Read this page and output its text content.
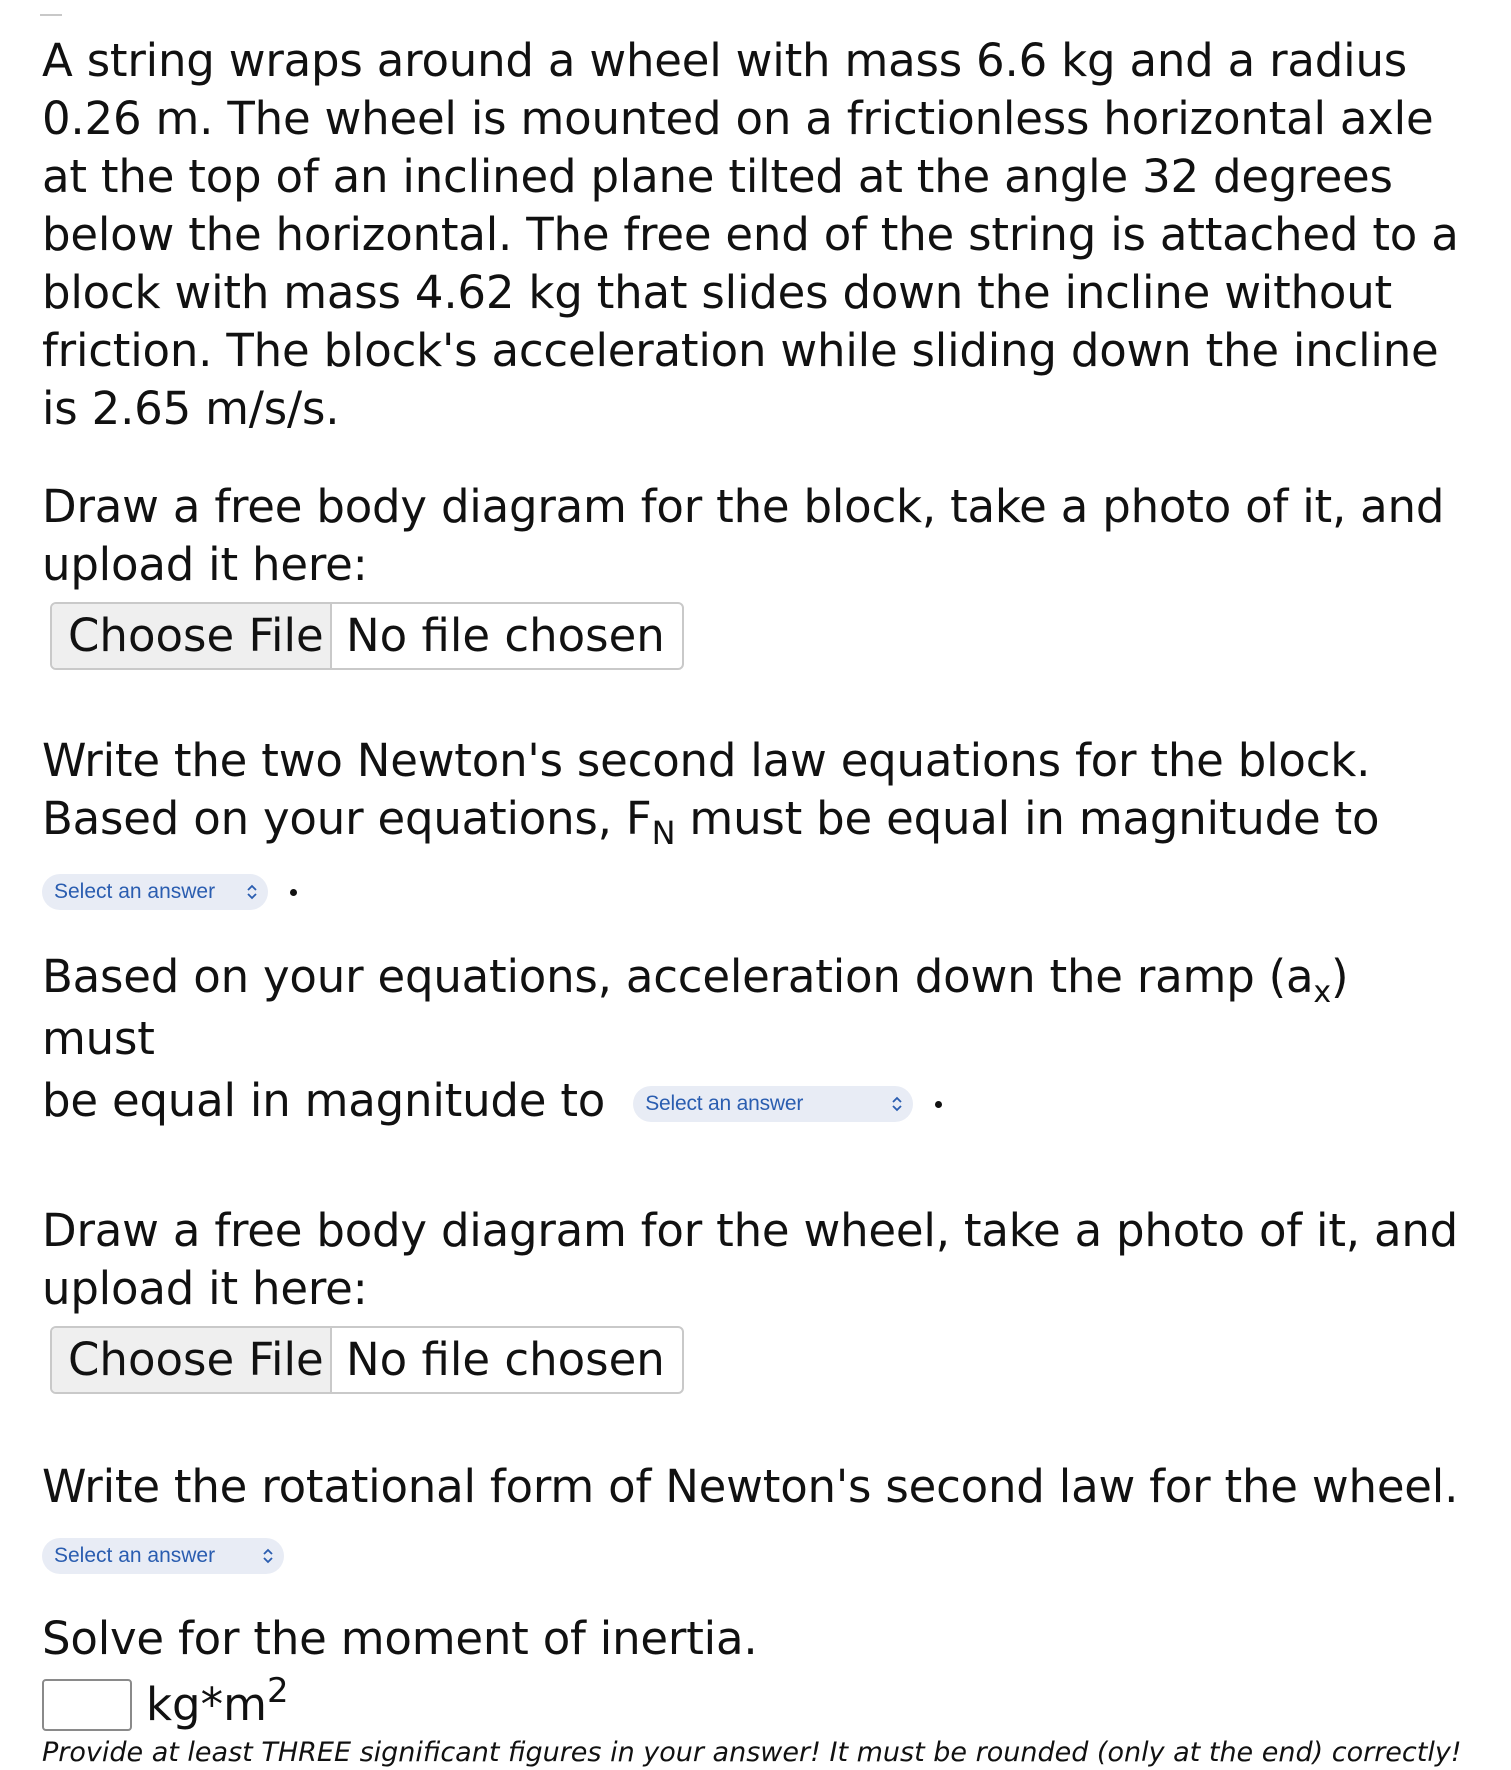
A string wraps around a wheel with mass 6.6 kg and a radius
0.26 m. The wheel is mounted on a frictionless horizontal axle
at the top of an inclined plane tilted at the angle 32 degrees
below the horizontal. The free end of the string is attached to a
block with mass 4.62 kg that slides down the incline without
friction. The block's acceleration while sliding down the incline
is 2.65 m/s/s.

Draw a free body diagram for the block, take a photo of it, and
upload it here:

Choose File No file chosen

Write the two Newton's second law equations for the block.
Based on your equations, $F_N$ must be equal in magnitude to

Select an answer

Based on your equations, acceleration down the ramp $(a_x)$ must
be equal in magnitude to Select an answer

Draw a free body diagram for the wheel, take a photo of it, and
upload it here:

Choose File No file chosen

Write the rotational form of Newton's second law for the wheel.

Select an answer

Solve for the moment of inertia.

$kg*m^2$
Provide at least THREE significant figures in your answer! It must be rounded (only at the end) correctly!
